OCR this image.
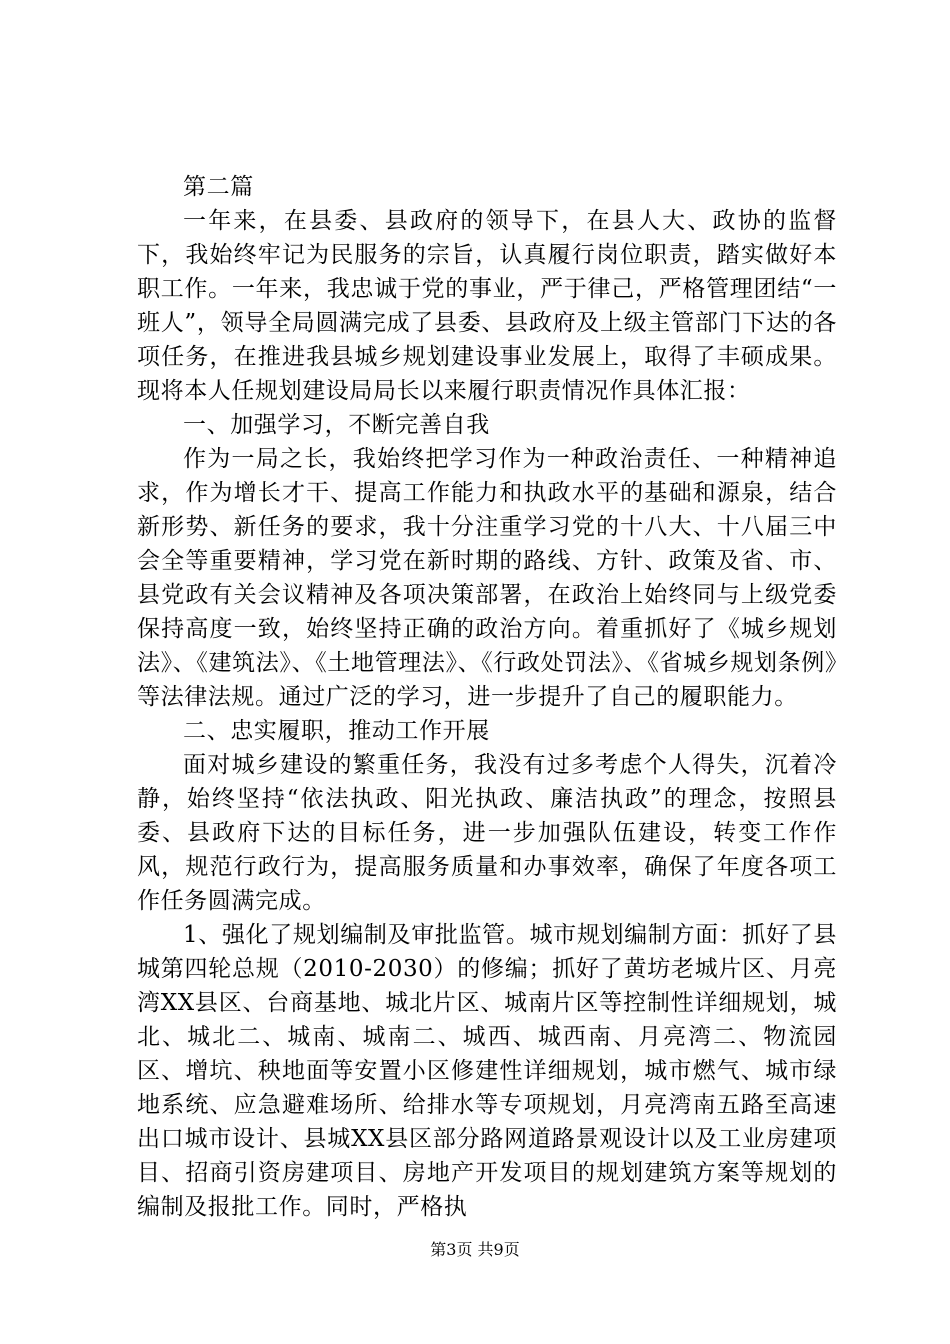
第二篇

一年来，在县委、县政府的领导下，在县人大、政协的监督下，我始终牢记为民服务的宗旨，认真履行岗位职责，踏实做好本职工作。一年来，我忠诚于党的事业，严于律己，严格管理团结“一班人”，领导全局圆满完成了县委、县政府及上级主管部门下达的各项任务，在推进我县城乡规划建设事业发展上，取得了丰硕成果。现将本人任规划建设局局长以来履行职责情况作具体汇报：

一、加强学习，不断完善自我

作为一局之长，我始终把学习作为一种政治责任、一种精神追求，作为增长才干、提高工作能力和执政水平的基础和源泉，结合新形势、新任务的要求，我十分注重学习党的十八大、十八届三中会全等重要精神，学习党在新时期的路线、方针、政策及省、市、县党政有关会议精神及各项决策部署，在政治上始终同与上级党委保持高度一致，始终坚持正确的政治方向。着重抓好了《城乡规划法》、《建筑法》、《土地管理法》、《行政处罚法》、《省城乡规划条例》等法律法规。通过广泛的学习，进一步提升了自己的履职能力。

二、忠实履职，推动工作开展

面对城乡建设的繁重任务，我没有过多考虑个人得失，沉着冷静，始终坚持“依法执政、阳光执政、廉洁执政”的理念，按照县委、县政府下达的目标任务，进一步加强队伍建设，转变工作作风，规范行政行为，提高服务质量和办事效率，确保了年度各项工作任务圆满完成。

1、强化了规划编制及审批监管。城市规划编制方面：抓好了县城第四轮总规（2010-2030）的修编；抓好了黄坊老城片区、月亮湾XX县区、台商基地、城北片区、城南片区等控制性详细规划，城北、城北二、城南、城南二、城西、城西南、月亮湾二、物流园区、增坑、秧地面等安置小区修建性详细规划，城市燃气、城市绿地系统、应急避难场所、给排水等专项规划，月亮湾南五路至高速出口城市设计、县城XX县区部分路网道路景观设计以及工业房建项目、招商引资房建项目、房地产开发项目的规划建筑方案等规划的编制及报批工作。同时，严格执

第3页 共9页
